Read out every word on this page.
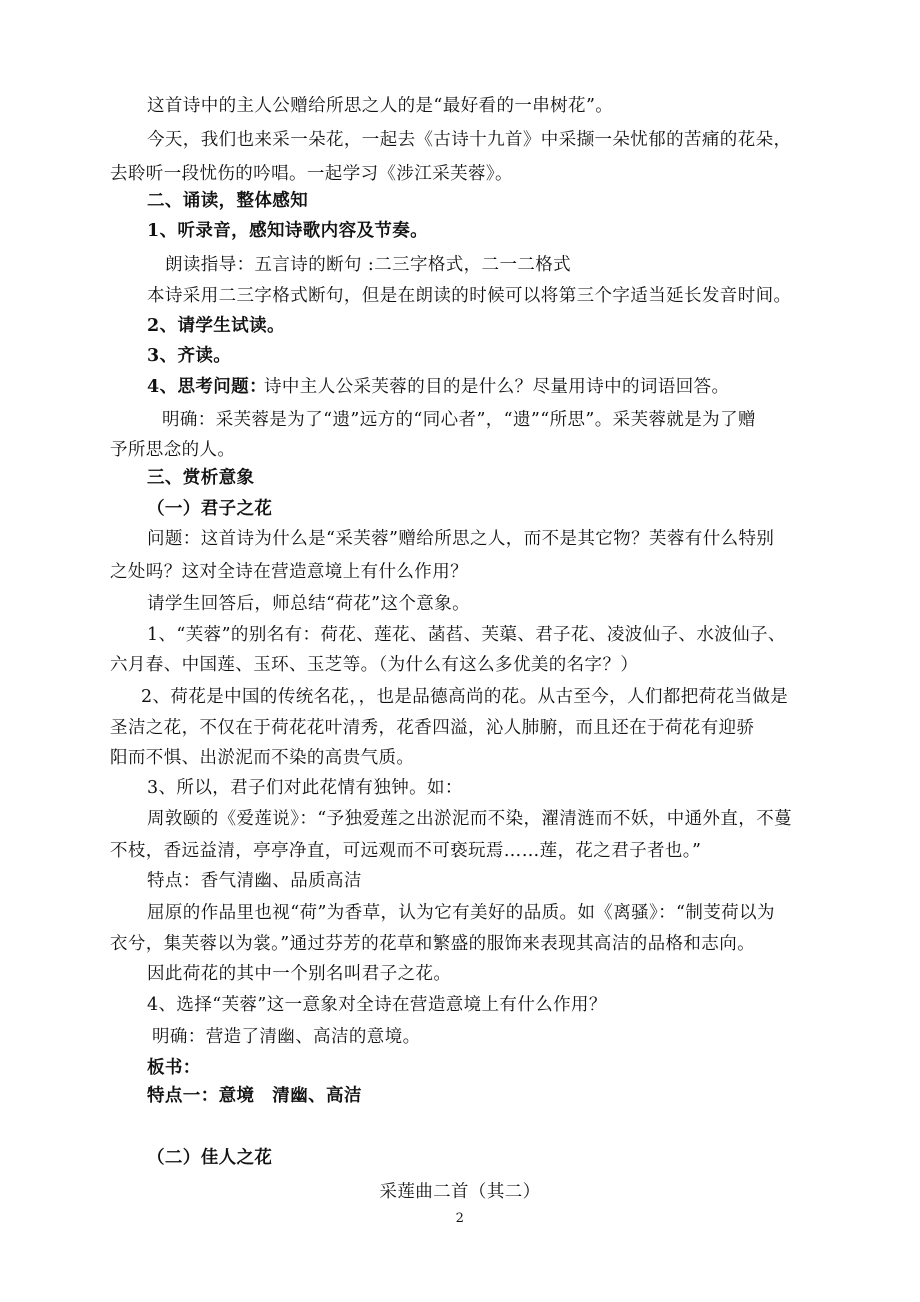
这首诗中的主人公赠给所思之人的是“最好看的一串树花”。
今天，我们也来采一朵花，一起去《古诗十九首》中采撷一朵忧郁的苦痛的花朵，
去聆听一段忧伤的吟唱。一起学习《涉江采芙蓉》。
二、诵读，整体感知
1、听录音，感知诗歌内容及节奏。
朗读指导：五言诗的断句 :二三字格式，二一二格式
本诗采用二三字格式断句，但是在朗读的时候可以将第三个字适当延长发音时间。
2、请学生试读。
3、齐读。
4、思考问题：
诗中主人公采芙蓉的目的是什么？尽量用诗中的词语回答。
明确：采芙蓉是为了“遗”远方的“同心者”，“遗”“所思”。采芙蓉就是为了赠
予所思念的人。
三、赏析意象
（一）君子之花
问题：这首诗为什么是“采芙蓉”赠给所思之人，而不是其它物？芙蓉有什么特别
之处吗？这对全诗在营造意境上有什么作用？
请学生回答后，师总结“荷花”这个意象。
1、“芙蓉”的别名有：荷花、莲花、菡萏、芙蕖、君子花、凌波仙子、水波仙子、
六月春、中国莲、玉环、玉芝等。（为什么有这么多优美的名字？）
2、荷花是中国的传统名花，，也是品德高尚的花。从古至今，人们都把荷花当做是
圣洁之花，不仅在于荷花花叶清秀，花香四溢，沁人肺腑，而且还在于荷花有迎骄
阳而不惧、出淤泥而不染的高贵气质。
3、所以，君子们对此花情有独钟。如：
周敦颐的《爱莲说》：“予独爱莲之出淤泥而不染，濯清涟而不妖，中通外直，不蔓
不枝，香远益清，亭亭净直，可远观而不可亵玩焉……莲，花之君子者也。”
特点：香气清幽、品质高洁
屈原的作品里也视“荷”为香草，认为它有美好的品质。如《离骚》：“制芰荷以为
衣兮，集芙蓉以为裳。”通过芬芳的花草和繁盛的服饰来表现其高洁的品格和志向。
因此荷花的其中一个别名叫君子之花。
4、选择“芙蓉”这一意象对全诗在营造意境上有什么作用？
明确：营造了清幽、高洁的意境。
板书：
特点一：意境　清幽、高洁
（二）佳人之花
采莲曲二首（其二）
2
